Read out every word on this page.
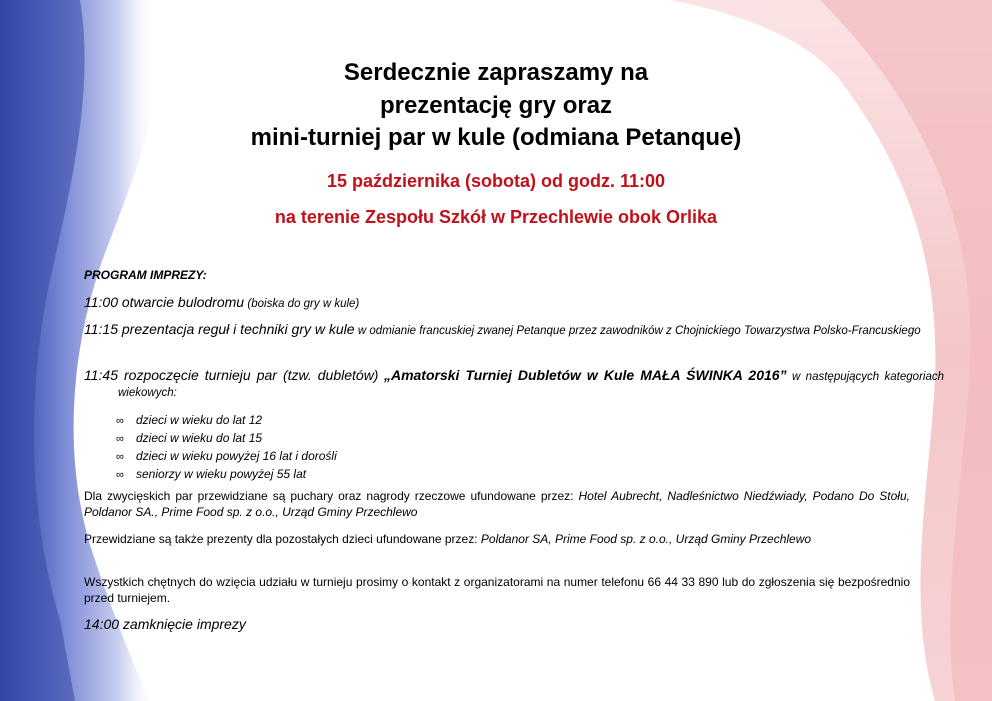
Serdecznie zapraszamy na
prezentację gry oraz
mini-turniej par w kule (odmiana Petanque)
15 października (sobota) od godz. 11:00
na terenie Zespołu Szkół w Przechlewie obok Orlika
PROGRAM IMPREZY:
11:00 otwarcie bulodromu (boiska do gry w kule)
11:15 prezentacja reguł i techniki gry w kule w odmianie francuskiej zwanej Petanque przez zawodników z Chojnickiego Towarzystwa Polsko-Francuskiego
11:45 rozpoczęcie turnieju par (tzw. dubletów) „Amatorski Turniej Dubletów w Kule MAŁA ŚWINKA 2016” w następujących kategoriach wiekowych:
∞	dzieci w wieku do lat 12
∞	dzieci w wieku do lat 15
∞	dzieci w wieku powyżej 16 lat i dorośli
∞	seniorzy w wieku powyżej 55 lat
Dla zwycięskich par przewidziane są puchary oraz nagrody rzeczowe ufundowane przez: Hotel Aubrecht, Nadleśnictwo Niedźwiady, Podano Do Stołu, Poldanor SA., Prime Food sp. z o.o., Urząd Gminy Przechlewo
Przewidziane są także prezenty dla pozostałych dzieci ufundowane przez: Poldanor SA, Prime Food sp. z o.o., Urząd Gminy Przechlewo
Wszystkich chętnych do wzięcia udziału w turnieju prosimy o kontakt z organizatorami na numer telefonu 66 44 33 890 lub do zgłoszenia się bezpośrednio przed turniejem.
14:00 zamknięcie imprezy
